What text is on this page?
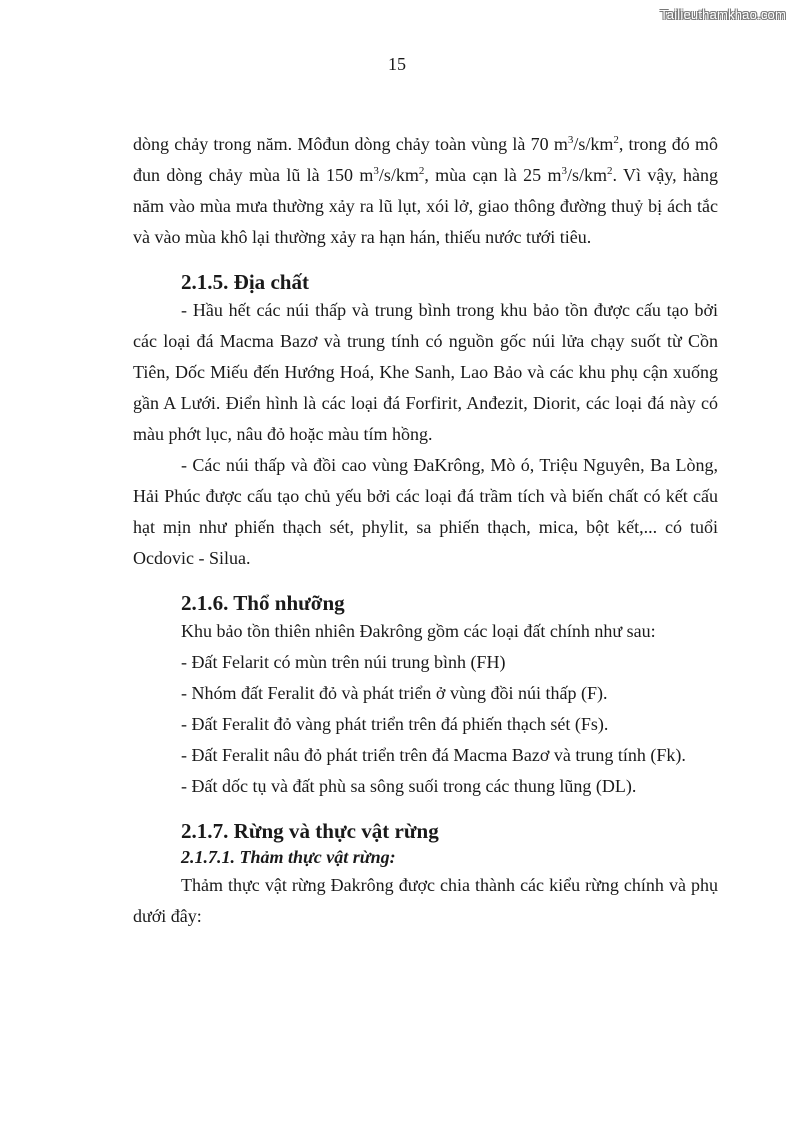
Tailieuthamkhao.com
15

dòng chảy trong năm. Môđun dòng chảy toàn vùng là 70 $m^3/s/km^2$, trong đó mô đun dòng chảy mùa lũ là 150 $m^3/s/km^2$, mùa cạn là 25 $m^3/s/km^2$. Vì vậy, hàng năm vào mùa mưa thường xảy ra lũ lụt, xói lở, giao thông đường thuỷ bị ách tắc và vào mùa khô lại thường xảy ra hạn hán, thiếu nước tưới tiêu.

2.1.5. Địa chất

- Hầu hết các núi thấp và trung bình trong khu bảo tồn được cấu tạo bởi các loại đá Macma Bazơ và trung tính có nguồn gốc núi lửa chạy suốt từ Cồn Tiên, Dốc Miếu đến Hướng Hoá, Khe Sanh, Lao Bảo và các khu phụ cận xuống gần A Lưới. Điển hình là các loại đá Forfirit, Anđezit, Diorit, các loại đá này có màu phớt lục, nâu đỏ hoặc màu tím hồng.

- Các núi thấp và đồi cao vùng ĐaKrông, Mò ó, Triệu Nguyên, Ba Lòng, Hải Phúc được cấu tạo chủ yếu bởi các loại đá trầm tích và biến chất có kết cấu hạt mịn như phiến thạch sét, phylit, sa phiến thạch, mica, bột kết,... có tuổi Ocdovic - Silua.

2.1.6. Thổ nhưỡng

Khu bảo tồn thiên nhiên Đakrông gồm các loại đất chính như sau:

- Đất Felarit có mùn trên núi trung bình (FH)

- Nhóm đất Feralit đỏ và phát triển ở vùng đồi núi thấp (F).

- Đất Feralit đỏ vàng phát triển trên đá phiến thạch sét (Fs).

- Đất Feralit nâu đỏ phát triển trên đá Macma Bazơ và trung tính (Fk).

- Đất dốc tụ và đất phù sa sông suối trong các thung lũng (DL).

2.1.7. Rừng và thực vật rừng
2.1.7.1. Thảm thực vật rừng:

Thảm thực vật rừng Đakrông được chia thành các kiểu rừng chính và phụ dưới đây:
